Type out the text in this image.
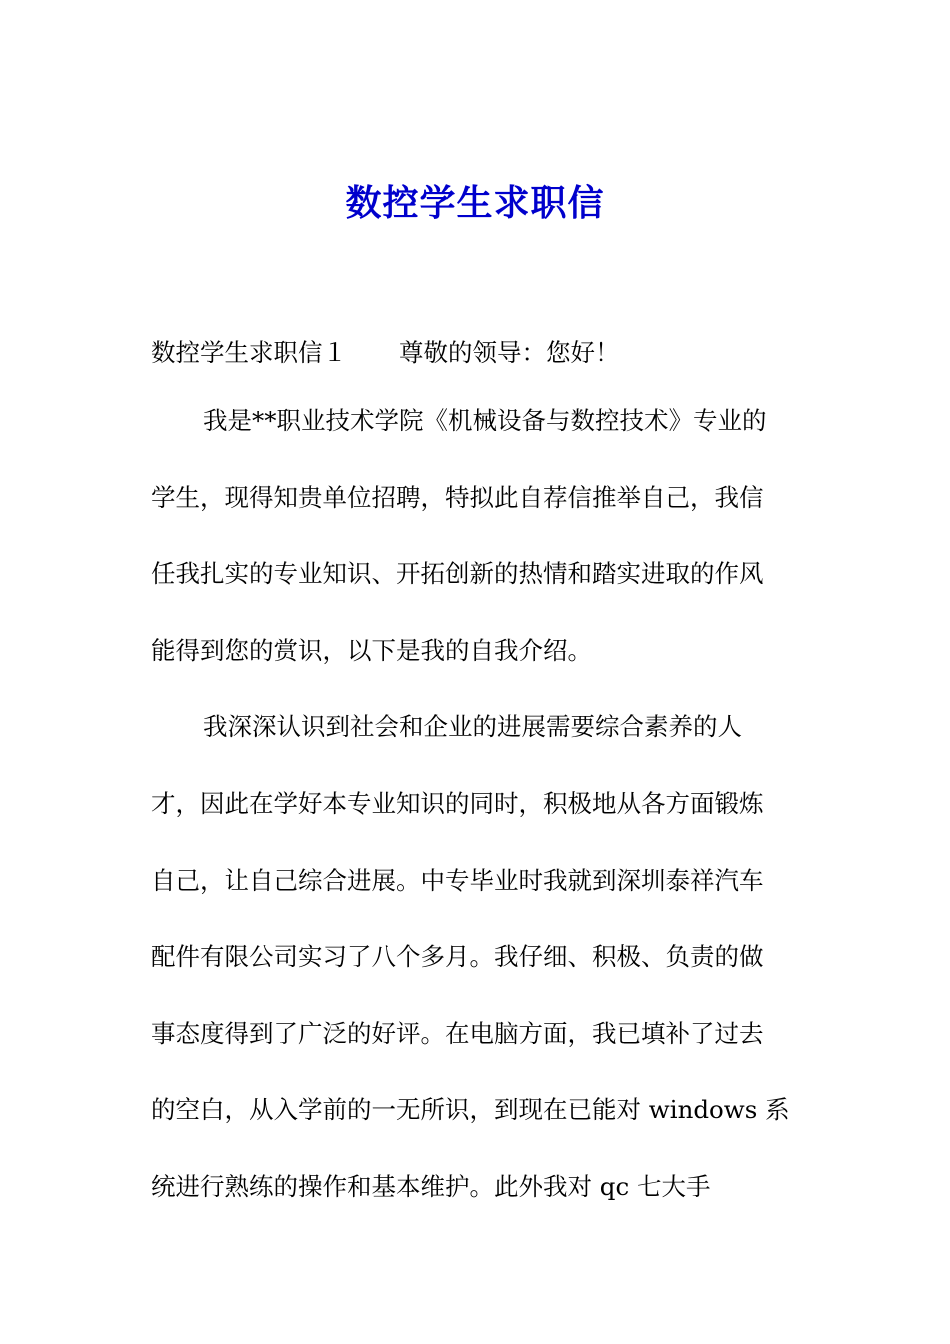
数控学生求职信
数控学生求职信１ 尊敬的领导：您好！
我是**职业技术学院《机械设备与数控技术》专业的
学生，现得知贵单位招聘，特拟此自荐信推举自己，我信
任我扎实的专业知识、开拓创新的热情和踏实进取的作风
能得到您的赏识，以下是我的自我介绍。
我深深认识到社会和企业的进展需要综合素养的人
才，因此在学好本专业知识的同时，积极地从各方面锻炼
自己，让自己综合进展。中专毕业时我就到深圳泰祥汽车
配件有限公司实习了八个多月。我仔细、积极、负责的做
事态度得到了广泛的好评。在电脑方面，我已填补了过去
的空白，从入学前的一无所识，到现在已能对 windows 系
统进行熟练的操作和基本维护。此外我对 qc 七大手
